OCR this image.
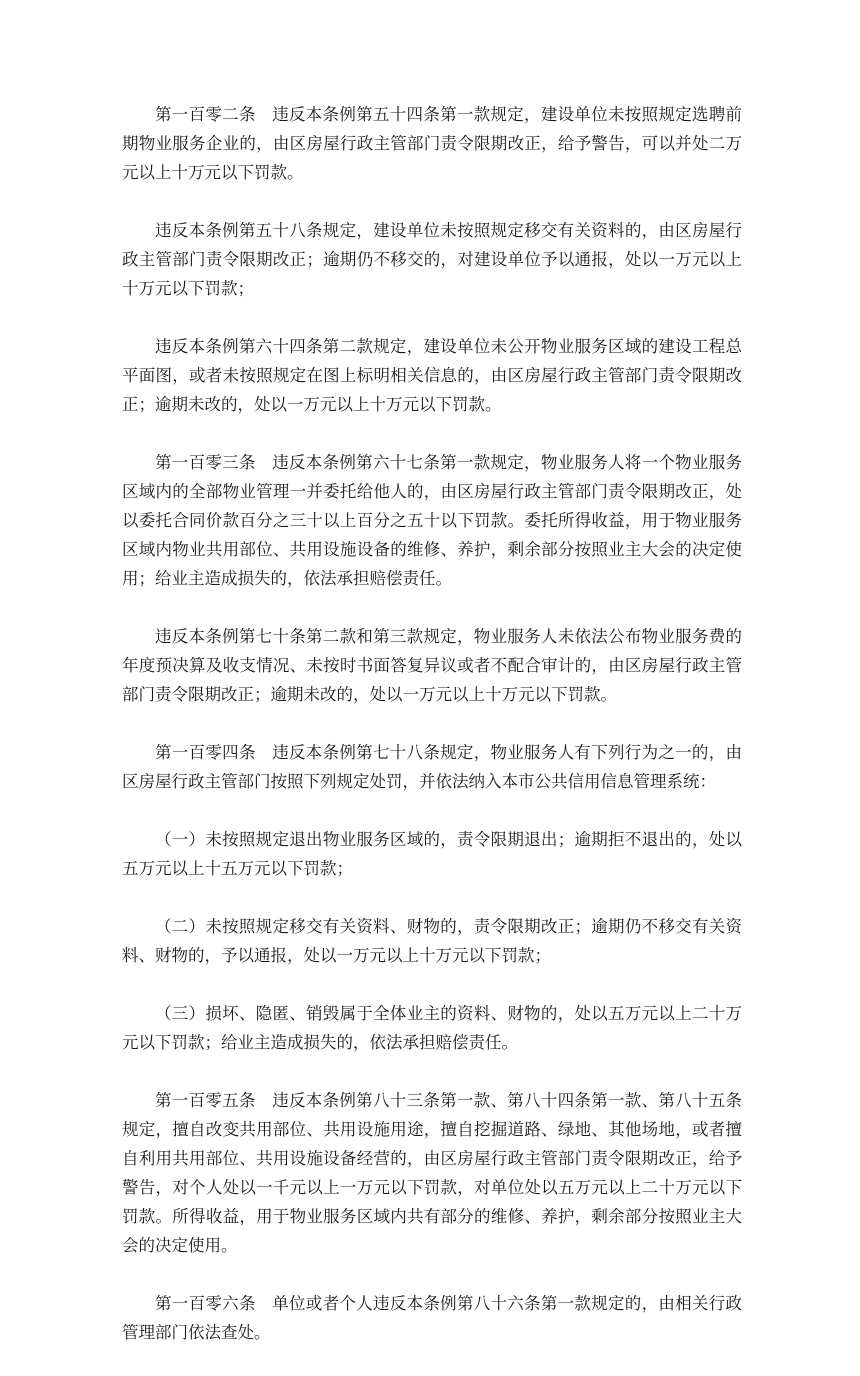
第一百零二条 违反本条例第五十四条第一款规定，建设单位未按照规定选聘前期物业服务企业的，由区房屋行政主管部门责令限期改正，给予警告，可以并处二万元以上十万元以下罚款。

违反本条例第五十八条规定，建设单位未按照规定移交有关资料的，由区房屋行政主管部门责令限期改正；逾期仍不移交的，对建设单位予以通报，处以一万元以上十万元以下罚款；

违反本条例第六十四条第二款规定，建设单位未公开物业服务区域的建设工程总平面图，或者未按照规定在图上标明相关信息的，由区房屋行政主管部门责令限期改正；逾期未改的，处以一万元以上十万元以下罚款。

第一百零三条 违反本条例第六十七条第一款规定，物业服务人将一个物业服务区域内的全部物业管理一并委托给他人的，由区房屋行政主管部门责令限期改正，处以委托合同价款百分之三十以上百分之五十以下罚款。委托所得收益，用于物业服务区域内物业共用部位、共用设施设备的维修、养护，剩余部分按照业主大会的决定使用；给业主造成损失的，依法承担赔偿责任。

违反本条例第七十条第二款和第三款规定，物业服务人未依法公布物业服务费的年度预决算及收支情况、未按时书面答复异议或者不配合审计的，由区房屋行政主管部门责令限期改正；逾期未改的，处以一万元以上十万元以下罚款。

第一百零四条 违反本条例第七十八条规定，物业服务人有下列行为之一的，由区房屋行政主管部门按照下列规定处罚，并依法纳入本市公共信用信息管理系统：

（一）未按照规定退出物业服务区域的，责令限期退出；逾期拒不退出的，处以五万元以上十五万元以下罚款；

（二）未按照规定移交有关资料、财物的，责令限期改正；逾期仍不移交有关资料、财物的，予以通报，处以一万元以上十万元以下罚款；

（三）损坏、隐匿、销毁属于全体业主的资料、财物的，处以五万元以上二十万元以下罚款；给业主造成损失的，依法承担赔偿责任。

第一百零五条 违反本条例第八十三条第一款、第八十四条第一款、第八十五条规定，擅自改变共用部位、共用设施用途，擅自挖掘道路、绿地、其他场地，或者擅自利用共用部位、共用设施设备经营的，由区房屋行政主管部门责令限期改正，给予警告，对个人处以一千元以上一万元以下罚款，对单位处以五万元以上二十万元以下罚款。所得收益，用于物业服务区域内共有部分的维修、养护，剩余部分按照业主大会的决定使用。

第一百零六条 单位或者个人违反本条例第八十六条第一款规定的，由相关行政管理部门依法查处。
